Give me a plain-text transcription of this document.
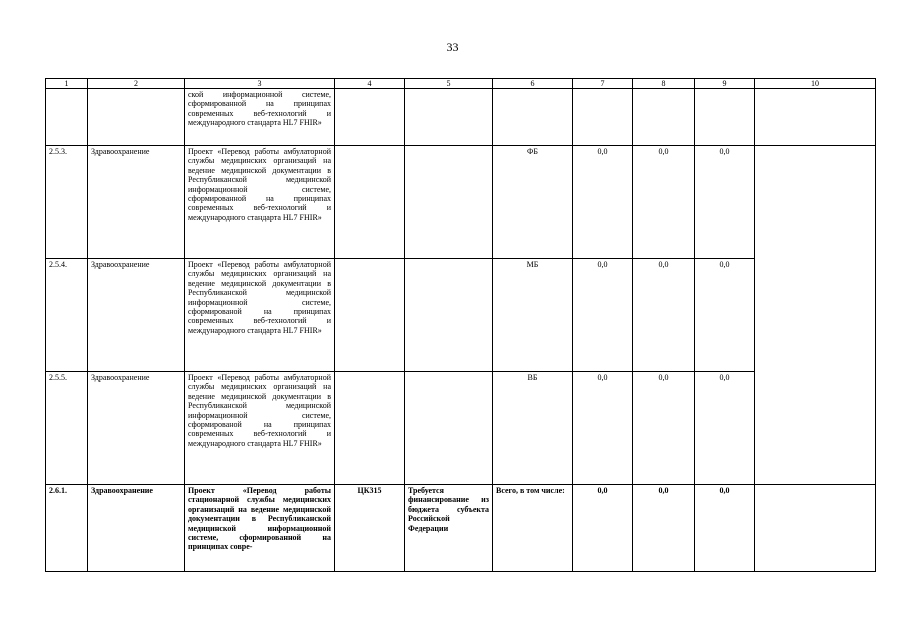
33
1	2	3	4	5	6	7	8	9	10
		ской информационной системе, сформированной на принципах современных веб-технологий и международного стандарта HL7 FHIR»							
2.5.3.	Здравоохранение	Проект «Перевод работы амбулаторной службы медицинских организаций на ведение медицинской документации в Республиканской медицинской информационной системе, сформированной на принципах современных веб-технологий и международного стандарта HL7 FHIR»			ФБ	0,0	0,0	0,0	
2.5.4.	Здравоохранение	Проект «Перевод работы амбулаторной службы медицинских организаций на ведение медицинской документации в Республиканской медицинской информационной системе, сформированой на принципах современных веб-технологий и международного стандарта HL7 FHIR»			МБ	0,0	0,0	0,0	
2.5.5.	Здравоохранение	Проект «Перевод работы амбулаторной службы медицинских организаций на ведение медицинской документации в Республиканской медицинской информационной системе, сформированой на принципах современных веб-технологий и международного стандарта HL7 FHIR»			ВБ	0,0	0,0	0,0	
2.6.1.	Здравоохранение	Проект «Перевод работы стационарной службы медицинских организаций на ведение медицинской документации в Республиканской медицинской информационной системе, сформированной на принципах совре-	ЦК315	Требуется финансирование из бюджета субъекта Российской Федерации	Всего, в том числе:	0,0	0,0	0,0	
